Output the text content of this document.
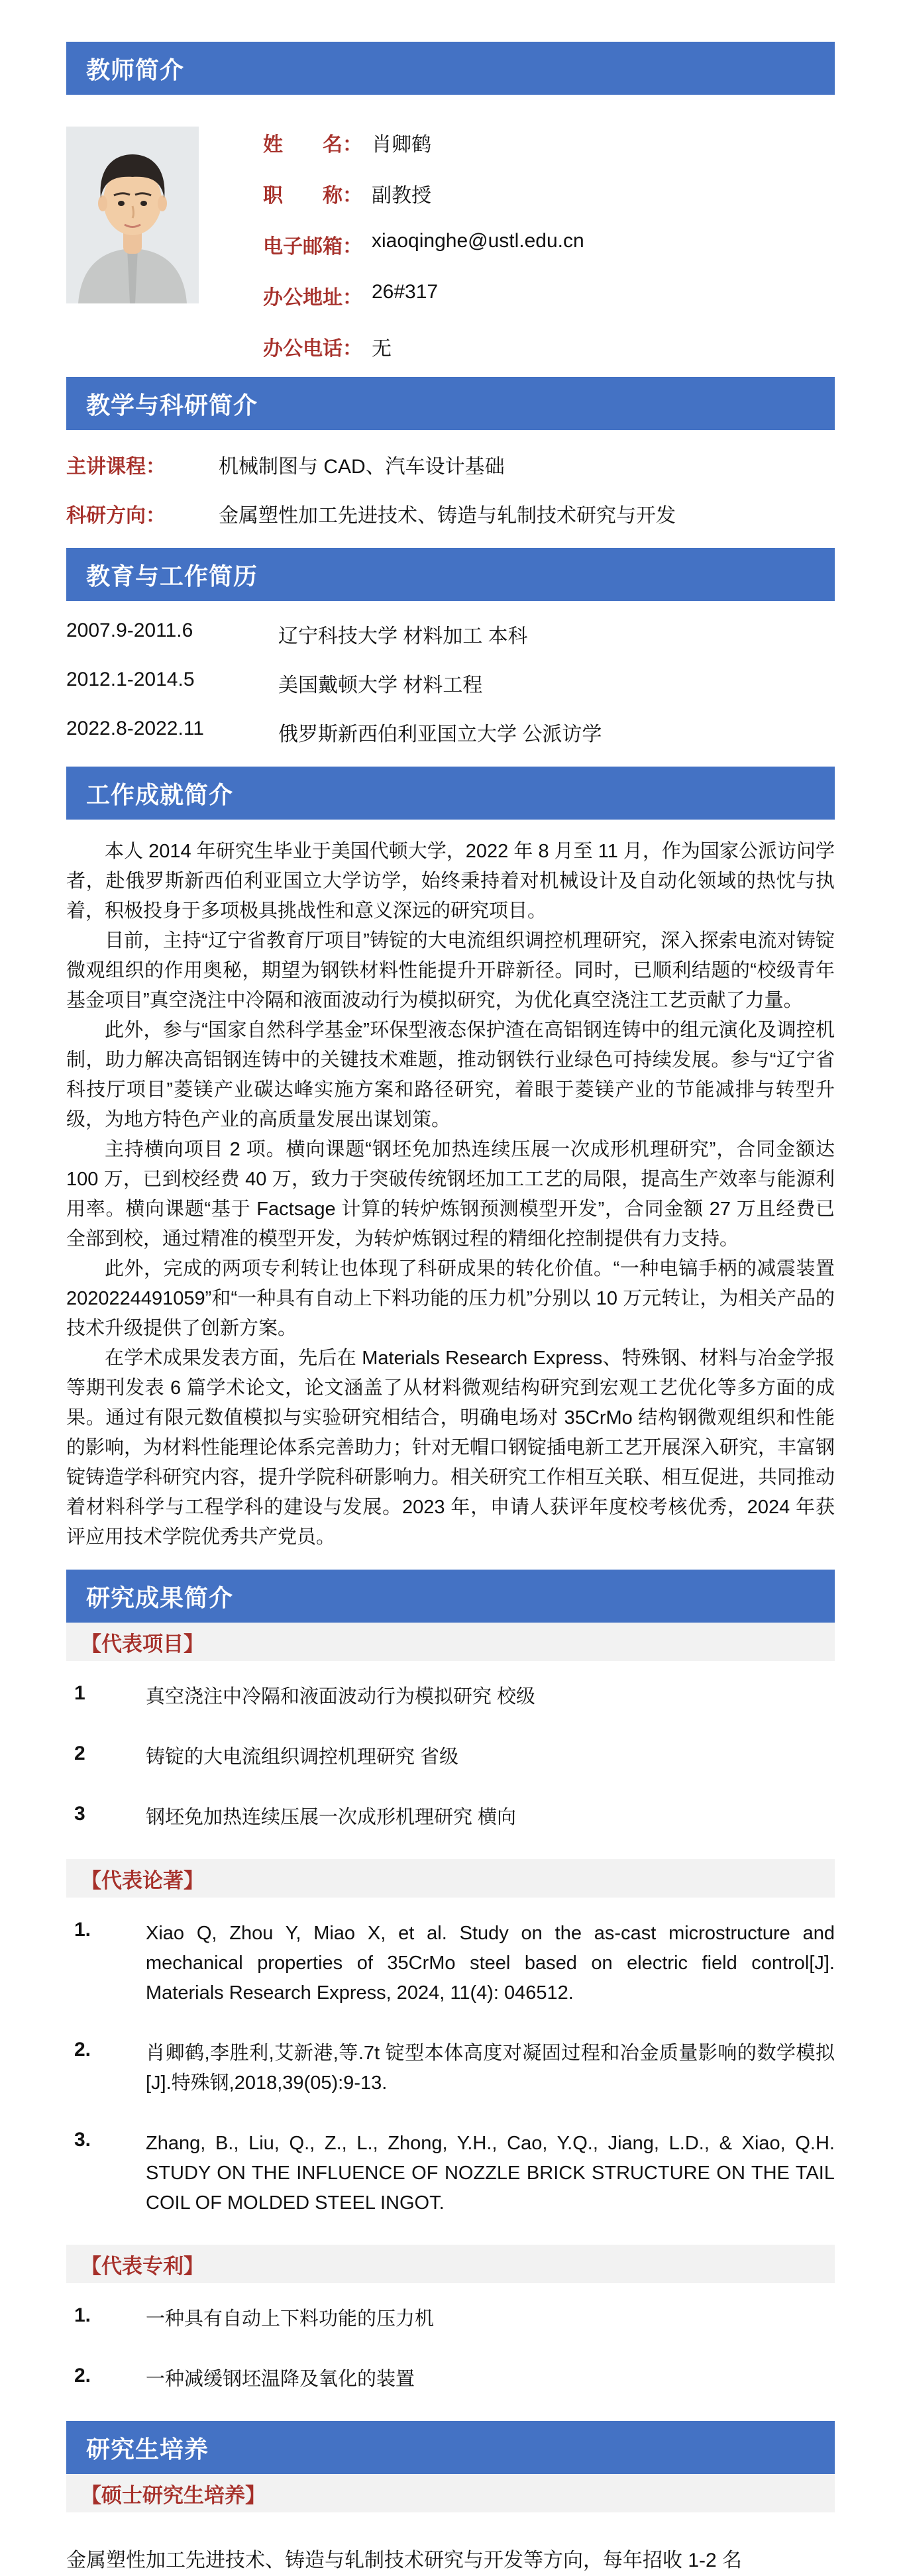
教师简介
姓　　名： 肖卿鹤
职　　称： 副教授
电子邮箱： xiaoqinghe@ustl.edu.cn
办公地址： 26#317
办公电话： 无
教学与科研简介
主讲课程：	机械制图与 CAD、汽车设计基础
科研方向：	金属塑性加工先进技术、铸造与轧制技术研究与开发
教育与工作简历
2007.9-2011.6	辽宁科技大学 材料加工 本科
2012.1-2014.5	美国戴顿大学 材料工程
2022.8-2022.11	俄罗斯新西伯利亚国立大学 公派访学
工作成就简介

本人 2014 年研究生毕业于美国代顿大学，2022 年 8 月至 11 月，作为国家公派访问学者，赴俄罗斯新西伯利亚国立大学访学，始终秉持着对机械设计及自动化领域的热忱与执着，积极投身于多项极具挑战性和意义深远的研究项目。

目前，主持“辽宁省教育厅项目”铸锭的大电流组织调控机理研究，深入探索电流对铸锭微观组织的作用奥秘，期望为钢铁材料性能提升开辟新径。同时，已顺利结题的“校级青年基金项目”真空浇注中冷隔和液面波动行为模拟研究，为优化真空浇注工艺贡献了力量。

此外，参与“国家自然科学基金”环保型液态保护渣在高铝钢连铸中的组元演化及调控机制，助力解决高铝钢连铸中的关键技术难题，推动钢铁行业绿色可持续发展。参与“辽宁省科技厅项目”菱镁产业碳达峰实施方案和路径研究，着眼于菱镁产业的节能减排与转型升级，为地方特色产业的高质量发展出谋划策。

主持横向项目 2 项。横向课题“钢坯免加热连续压展一次成形机理研究”，合同金额达 100 万，已到校经费 40 万，致力于突破传统钢坯加工工艺的局限，提高生产效率与能源利用率。横向课题“基于 Factsage 计算的转炉炼钢预测模型开发”，合同金额 27 万且经费已全部到校，通过精准的模型开发，为转炉炼钢过程的精细化控制提供有力支持。

此外，完成的两项专利转让也体现了科研成果的转化价值。“一种电镐手柄的减震装置 2020224491059”和“一种具有自动上下料功能的压力机”分别以 10 万元转让，为相关产品的技术升级提供了创新方案。

在学术成果发表方面，先后在 Materials Research Express、特殊钢、材料与冶金学报等期刊发表 6 篇学术论文，论文涵盖了从材料微观结构研究到宏观工艺优化等多方面的成果。通过有限元数值模拟与实验研究相结合，明确电场对 35CrMo 结构钢微观组织和性能的影响，为材料性能理论体系完善助力；针对无帽口钢锭插电新工艺开展深入研究，丰富钢锭铸造学科研究内容，提升学院科研影响力。相关研究工作相互关联、相互促进，共同推动着材料科学与工程学科的建设与发展。2023 年，申请人获评年度校考核优秀，2024 年获评应用技术学院优秀共产党员。

研究成果简介
【代表项目】
1	真空浇注中冷隔和液面波动行为模拟研究 校级
2	铸锭的大电流组织调控机理研究 省级
3	钢坯免加热连续压展一次成形机理研究 横向
【代表论著】
1.	Xiao Q, Zhou Y, Miao X, et al. Study on the as-cast microstructure and mechanical properties of 35CrMo steel based on electric field control[J]. Materials Research Express, 2024, 11(4): 046512.
2.	肖卿鹤,李胜利,艾新港,等.7t 锭型本体高度对凝固过程和冶金质量影响的数学模拟[J].特殊钢,2018,39(05):9-13.
3.	Zhang, B., Liu, Q., Z., L., Zhong, Y.H., Cao, Y.Q., Jiang, L.D., & Xiao, Q.H. STUDY ON THE INFLUENCE OF NOZZLE BRICK STRUCTURE ON THE TAIL COIL OF MOLDED STEEL INGOT.
【代表专利】
1.	一种具有自动上下料功能的压力机
2.	一种减缓钢坯温降及氧化的装置
研究生培养
【硕士研究生培养】
金属塑性加工先进技术、铸造与轧制技术研究与开发等方向，每年招收 1-2 名
